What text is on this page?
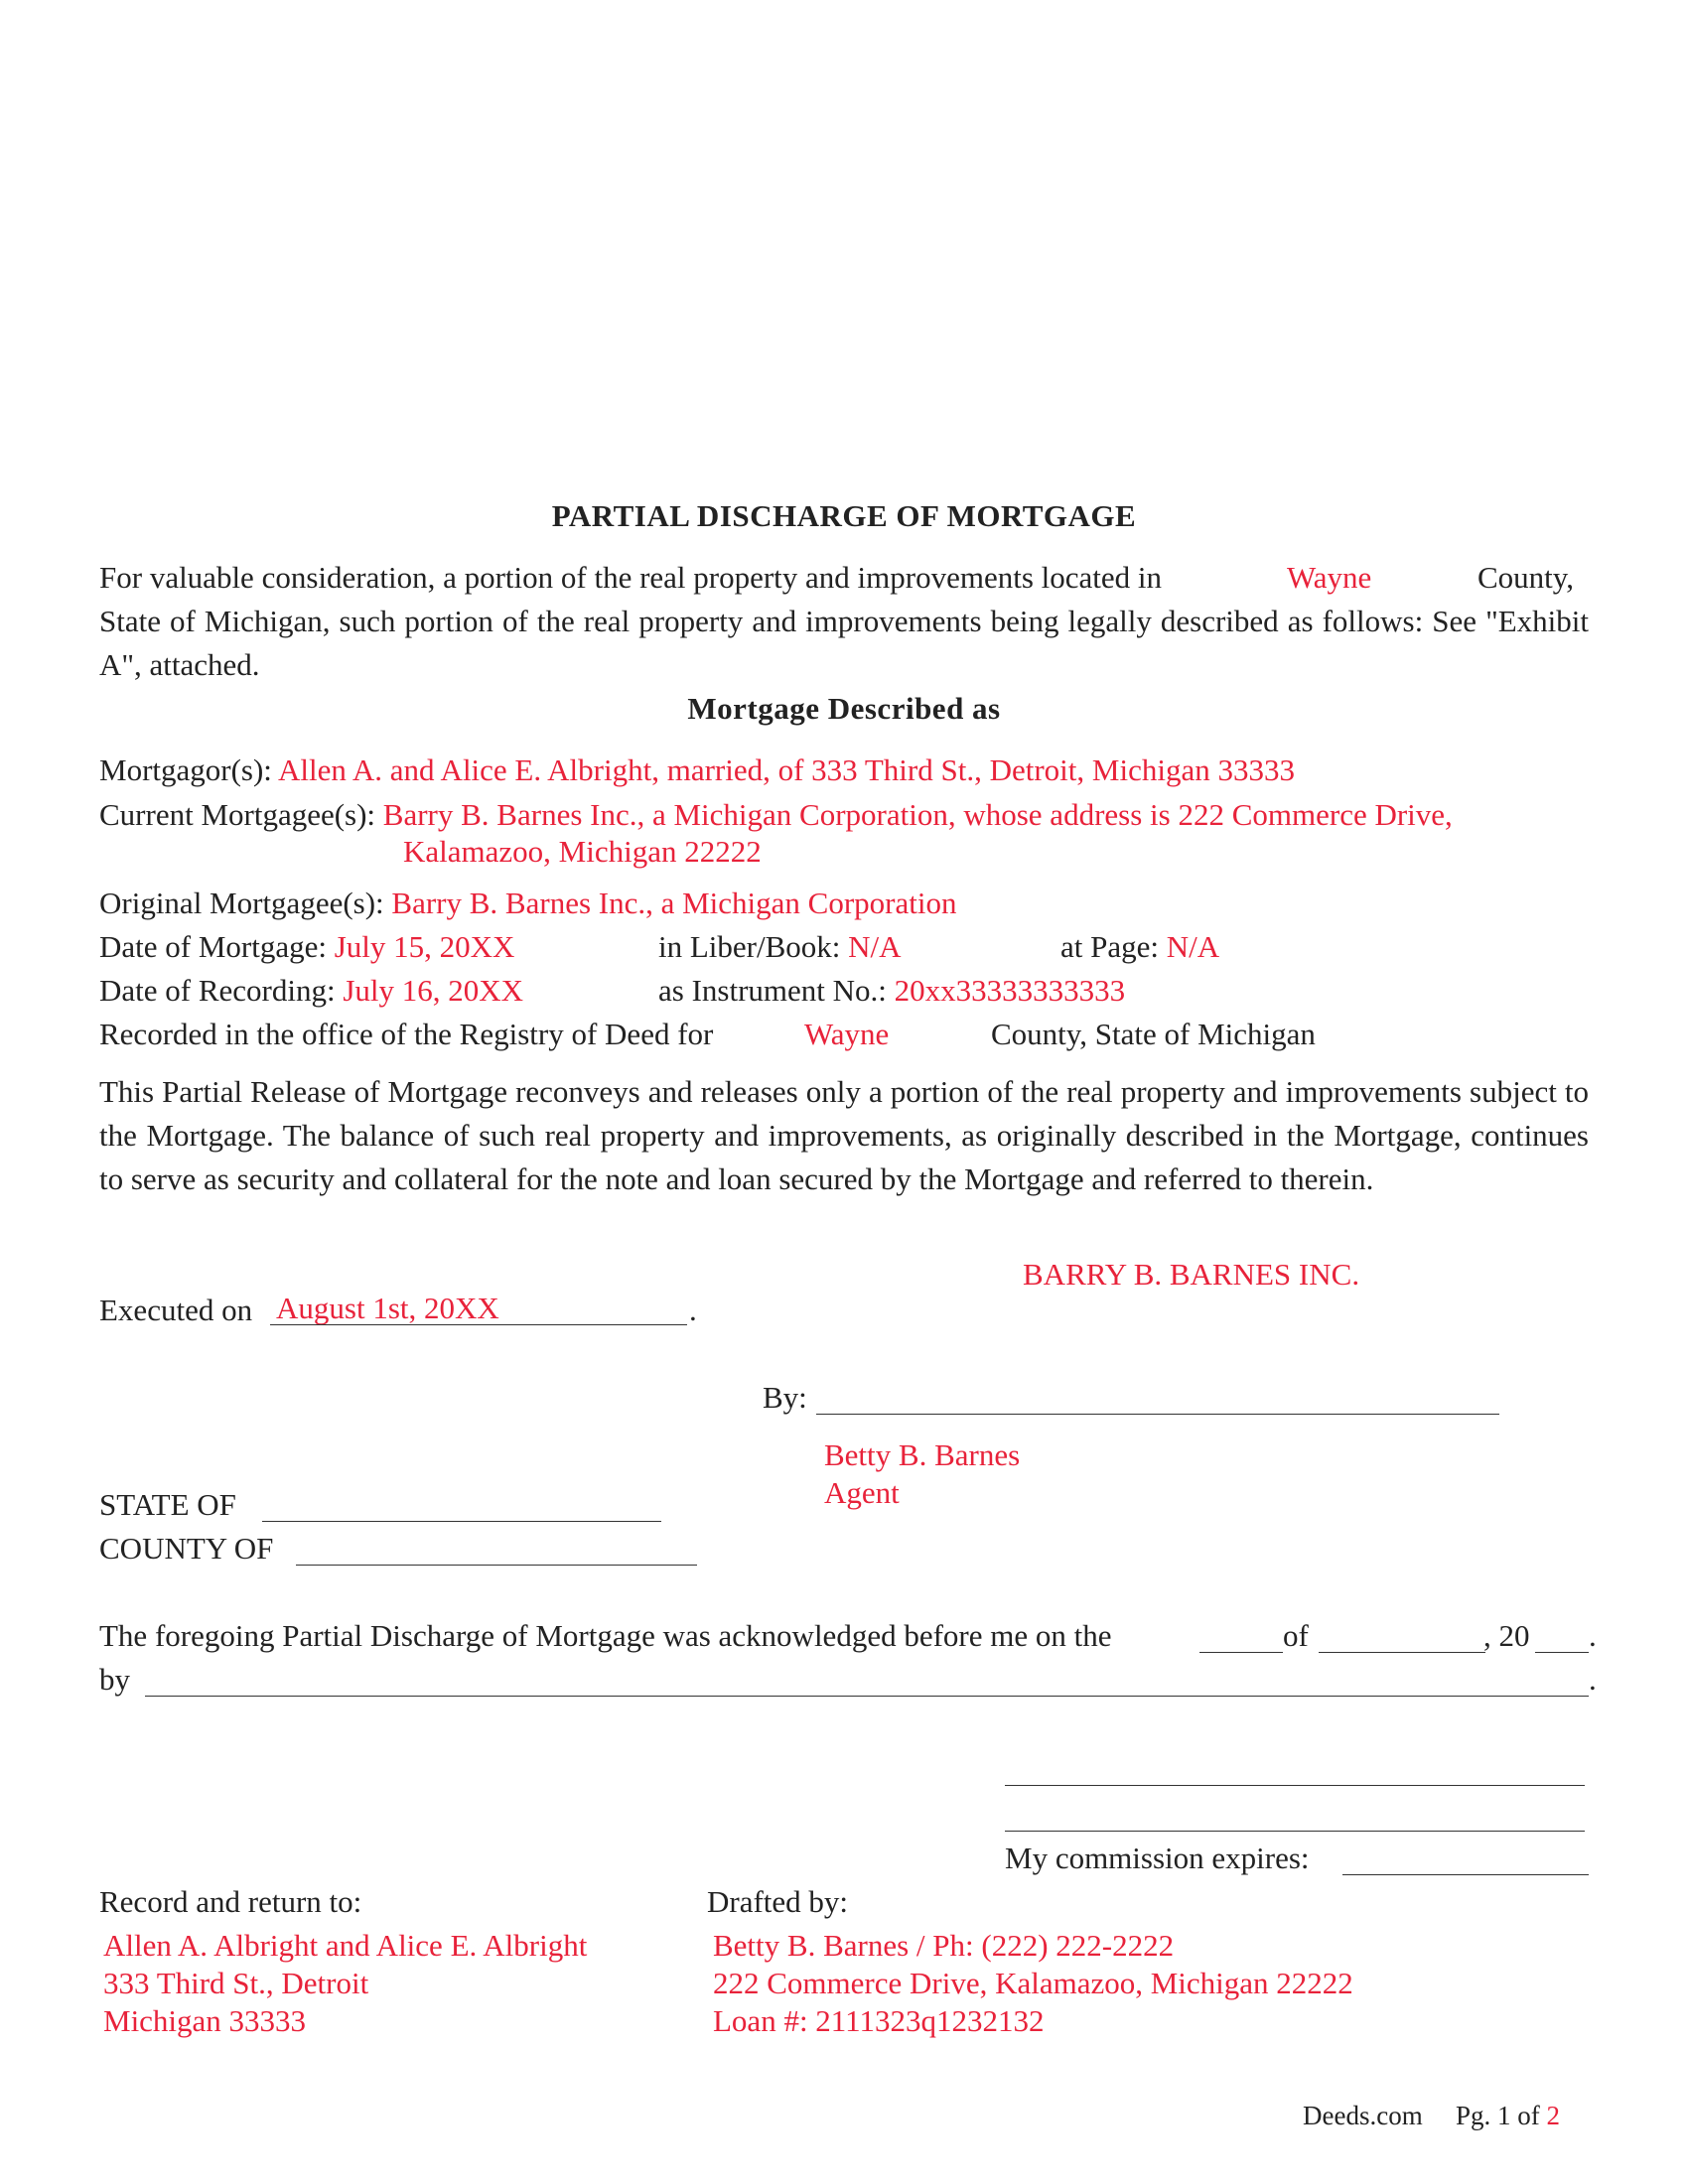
PARTIAL DISCHARGE OF MORTGAGE
For valuable consideration, a portion of the real property and improvements located in	Wayne	County,
State of Michigan, such portion of the real property and improvements being legally described as follows: See "Exhibit A", attached.
Mortgage Described as
Mortgagor(s): Allen A. and Alice E. Albright, married, of 333 Third St., Detroit, Michigan 33333
Current Mortgagee(s): Barry B. Barnes Inc., a Michigan Corporation, whose address is 222 Commerce Drive,
Kalamazoo, Michigan 22222
Original Mortgagee(s): Barry B. Barnes Inc., a Michigan Corporation
Date of Mortgage: July 15, 20XX	in Liber/Book: N/A	at Page: N/A
Date of Recording: July 16, 20XX	as Instrument No.: 20xx33333333333
Recorded in the office of the Registry of Deed for	Wayne	County, State of Michigan
This Partial Release of Mortgage reconveys and releases only a portion of the real property and improvements subject to the Mortgage. The balance of such real property and improvements, as originally described in the Mortgage, continues to serve as security and collateral for the note and loan secured by the Mortgage and referred to therein.
BARRY B. BARNES INC.
Executed on August 1st, 20XX	.
By:
Betty B. Barnes
Agent
STATE OF
COUNTY OF
The foregoing Partial Discharge of Mortgage was acknowledged before me on the	of	, 20 .
by	.
My commission expires:
Record and return to:
Allen A. Albright and Alice E. Albright
333 Third St., Detroit
Michigan 33333
Drafted by:
Betty B. Barnes / Ph: (222) 222-2222
222 Commerce Drive, Kalamazoo, Michigan 22222
Loan #: 2111323q1232132
Deeds.com Pg. 1 of 2
